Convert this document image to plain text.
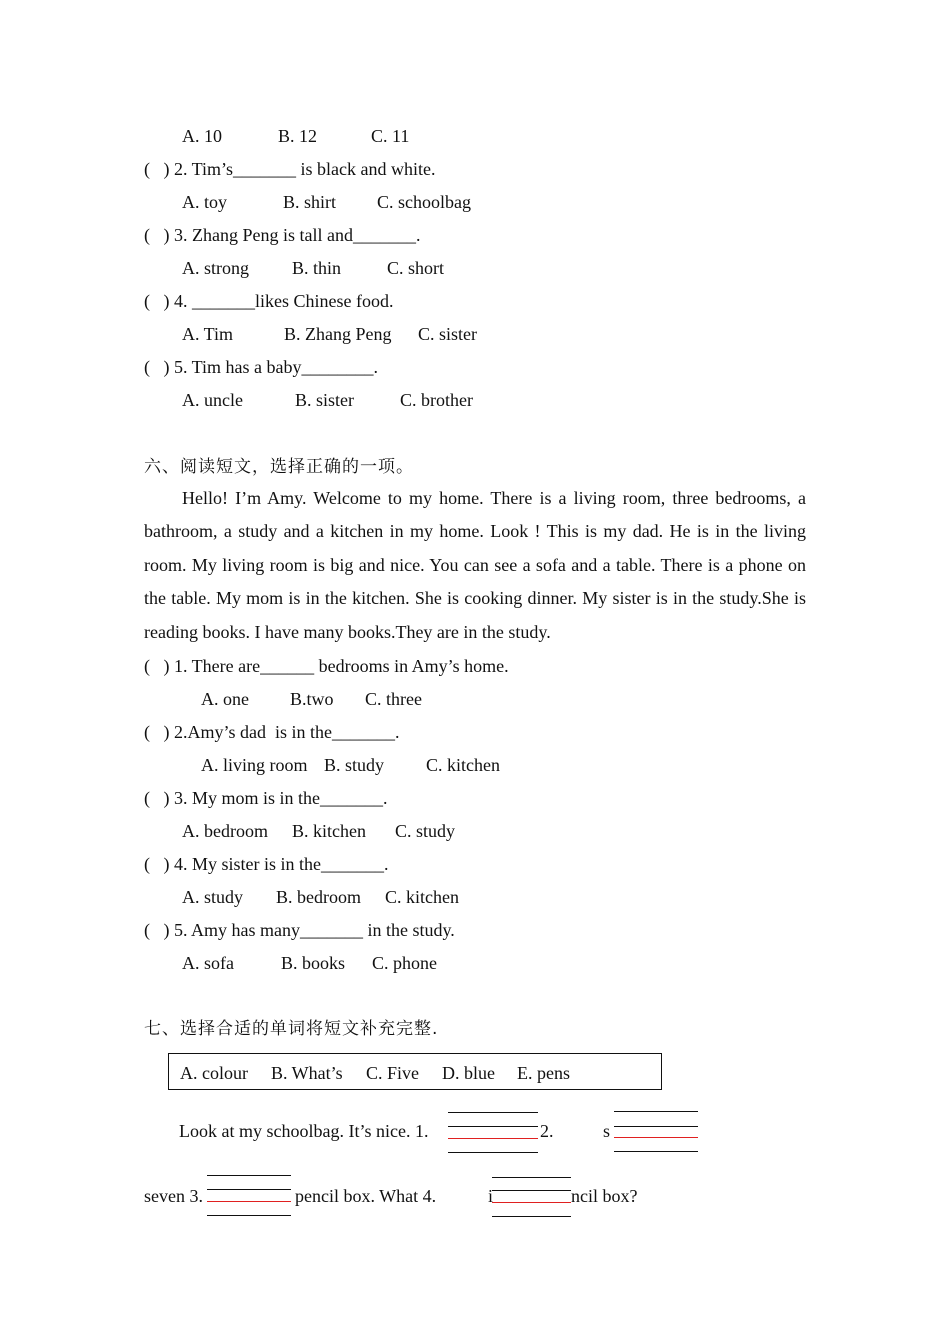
A. 10	B. 12	C. 11
(   ) 2. Tim’s_______ is black and white.
A. toy	B. shirt C. schoolbag
(   ) 3. Zhang Peng is tall and_______.
A. strong B. thin	C. short
(   ) 4. _______likes Chinese food.
A. Tim	B. Zhang Peng C. sister
(   ) 5. Tim has a baby________.
A. uncle	B. sister	C. brother
六、阅读短文，选择正确的一项。
Hello! I’m Amy. Welcome to my home. There is a living room, three bedrooms, a bathroom, a study and a kitchen in my home. Look ! This is my dad. He is in the living room. My living room is big and nice. You can see a sofa and a table. There is a phone on the table. My mom is in the kitchen. She is cooking dinner. My sister is in the study.She is reading books. I have many books.They are in the study.
(   ) 1. There are______ bedrooms in Amy’s home.
A. one B.two C. three
(   ) 2.Amy’s dad  is in the_______.
A. living room B. study C. kitchen
(   ) 3. My mom is in the_______.
A. bedroom B. kitchen C. study
(   ) 4. My sister is in the_______.
A. study B. bedroom C. kitchen
(   ) 5. Amy has many_______ in the study.
A. sofa	B. books C. phone
七、选择合适的单词将短文补充完整.
A. colour B. What’s C. Five D. blue E. pens
Look at my schoolbag. It’s nice. 1.	2.	s
seven 3.	pencil box. What 4.	i	ncil box?
